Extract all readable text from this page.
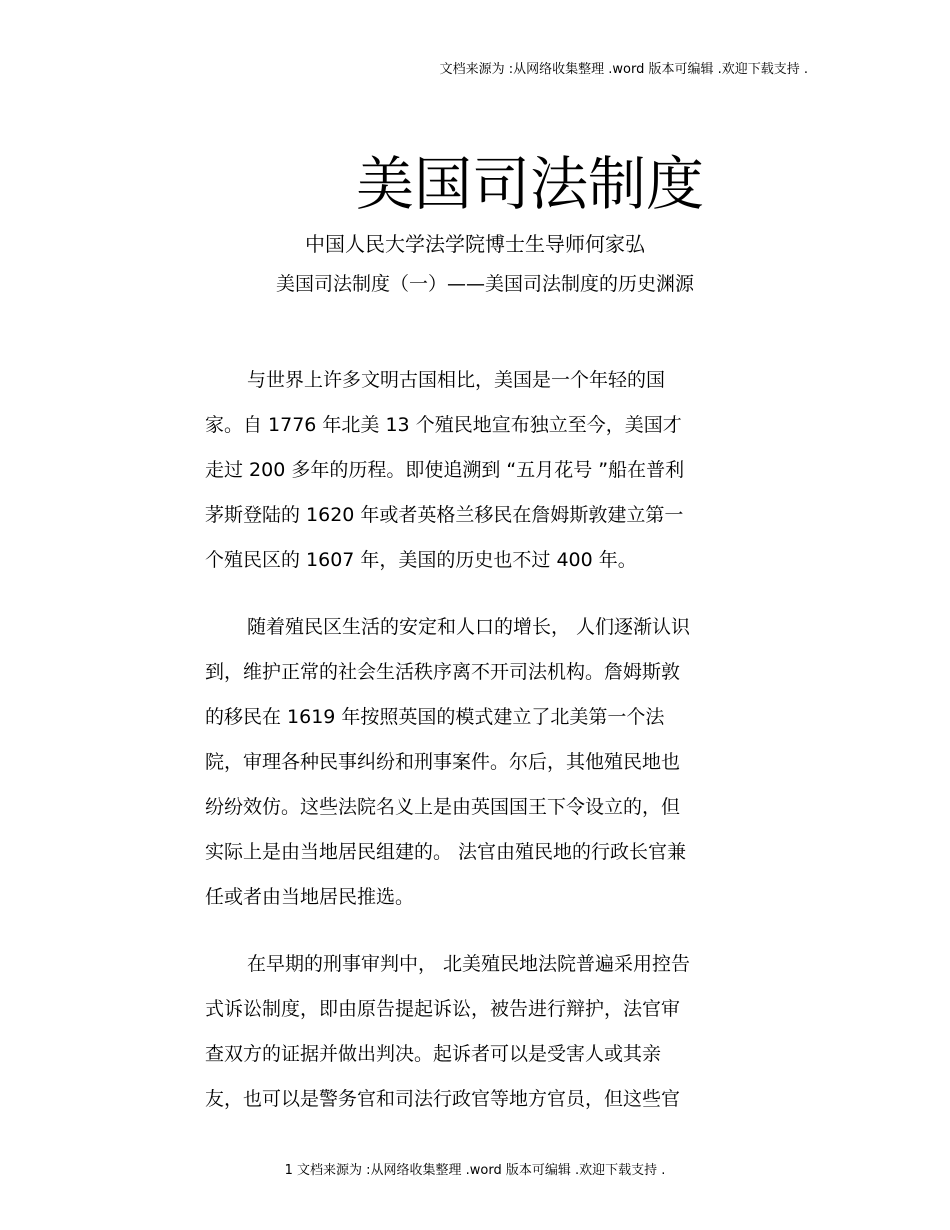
文档来源为 :从网络收集整理 .word 版本可编辑 .欢迎下载支持 .
美国司法制度
中国人民大学法学院博士生导师何家弘
美国司法制度（一）——美国司法制度的历史渊源
与世界上许多文明古国相比，美国是一个年轻的国
家。自 1776 年北美 13 个殖民地宣布独立至今，美国才
走过 200 多年的历程。即使追溯到 “五月花号 ”船在普利
茅斯登陆的 1620 年或者英格兰移民在詹姆斯敦建立第一
个殖民区的 1607 年，美国的历史也不过 400 年。
随着殖民区生活的安定和人口的增长， 人们逐渐认识
到，维护正常的社会生活秩序离不开司法机构。詹姆斯敦
的移民在 1619 年按照英国的模式建立了北美第一个法
院，审理各种民事纠纷和刑事案件。尔后，其他殖民地也
纷纷效仿。这些法院名义上是由英国国王下令设立的，但
实际上是由当地居民组建的。 法官由殖民地的行政长官兼
任或者由当地居民推选。
在早期的刑事审判中， 北美殖民地法院普遍采用控告
式诉讼制度，即由原告提起诉讼，被告进行辩护，法官审
查双方的证据并做出判决。起诉者可以是受害人或其亲
友，也可以是警务官和司法行政官等地方官员，但这些官
1 文档来源为 :从网络收集整理 .word 版本可编辑 .欢迎下载支持 .
